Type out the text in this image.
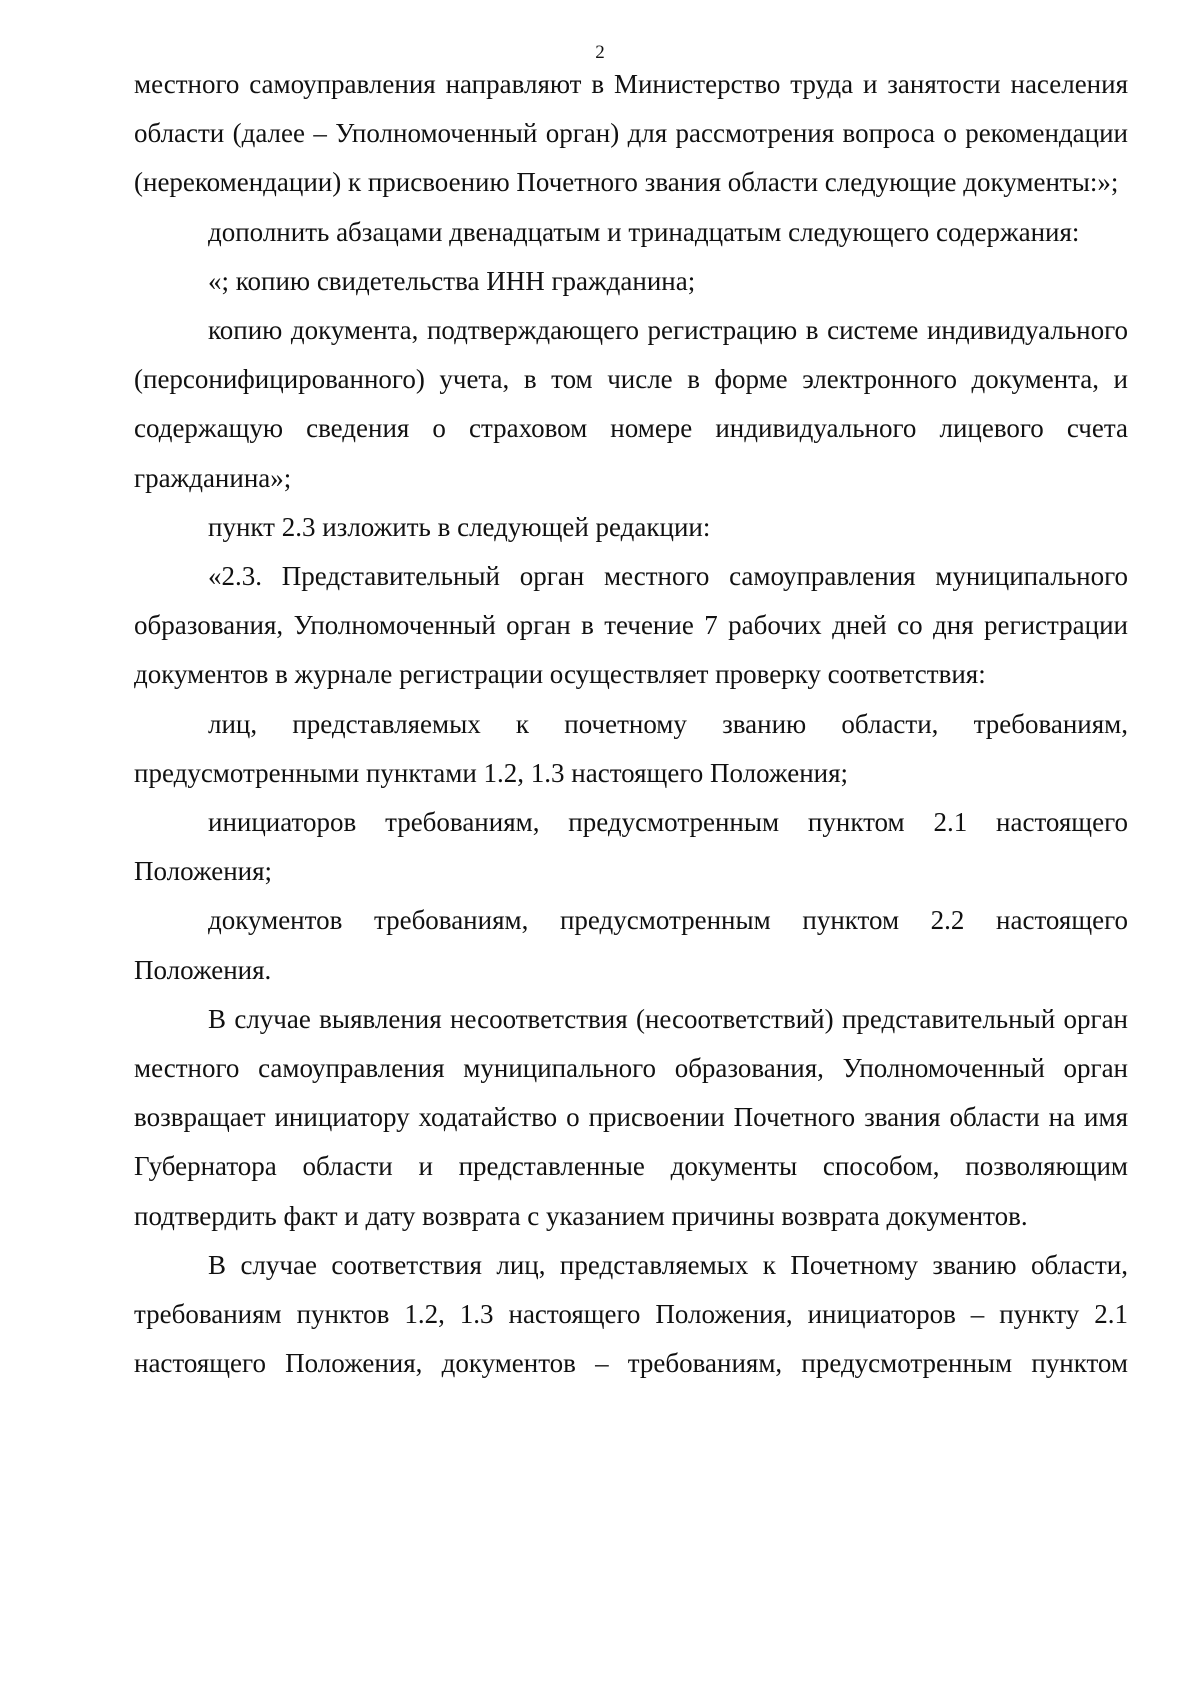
2

местного самоуправления направляют в Министерство труда и занятости населения области (далее – Уполномоченный орган) для рассмотрения вопроса о рекомендации (нерекомендации) к присвоению Почетного звания области следующие документы:»;

дополнить абзацами двенадцатым и тринадцатым следующего содержания:

«; копию свидетельства ИНН гражданина;

копию документа, подтверждающего регистрацию в системе индивидуального (персонифицированного) учета, в том числе в форме электронного документа, и содержащую сведения о страховом номере индивидуального лицевого счета гражданина»;

пункт 2.3 изложить в следующей редакции:

«2.3. Представительный орган местного самоуправления муниципального образования, Уполномоченный орган в течение 7 рабочих дней со дня регистрации документов в журнале регистрации осуществляет проверку соответствия:

лиц, представляемых к почетному званию области, требованиям, предусмотренными пунктами 1.2, 1.3 настоящего Положения;

инициаторов требованиям, предусмотренным пунктом 2.1 настоящего Положения;

документов требованиям, предусмотренным пунктом 2.2 настоящего Положения.

В случае выявления несоответствия (несоответствий) представительный орган местного самоуправления муниципального образования, Уполномоченный орган возвращает инициатору ходатайство о присвоении Почетного звания области на имя Губернатора области и представленные документы способом, позволяющим подтвердить факт и дату возврата с указанием причины возврата документов.

В случае соответствия лиц, представляемых к Почетному званию области, требованиям пунктов 1.2, 1.3 настоящего Положения, инициаторов – пункту 2.1 настоящего Положения, документов – требованиям, предусмотренным пунктом
